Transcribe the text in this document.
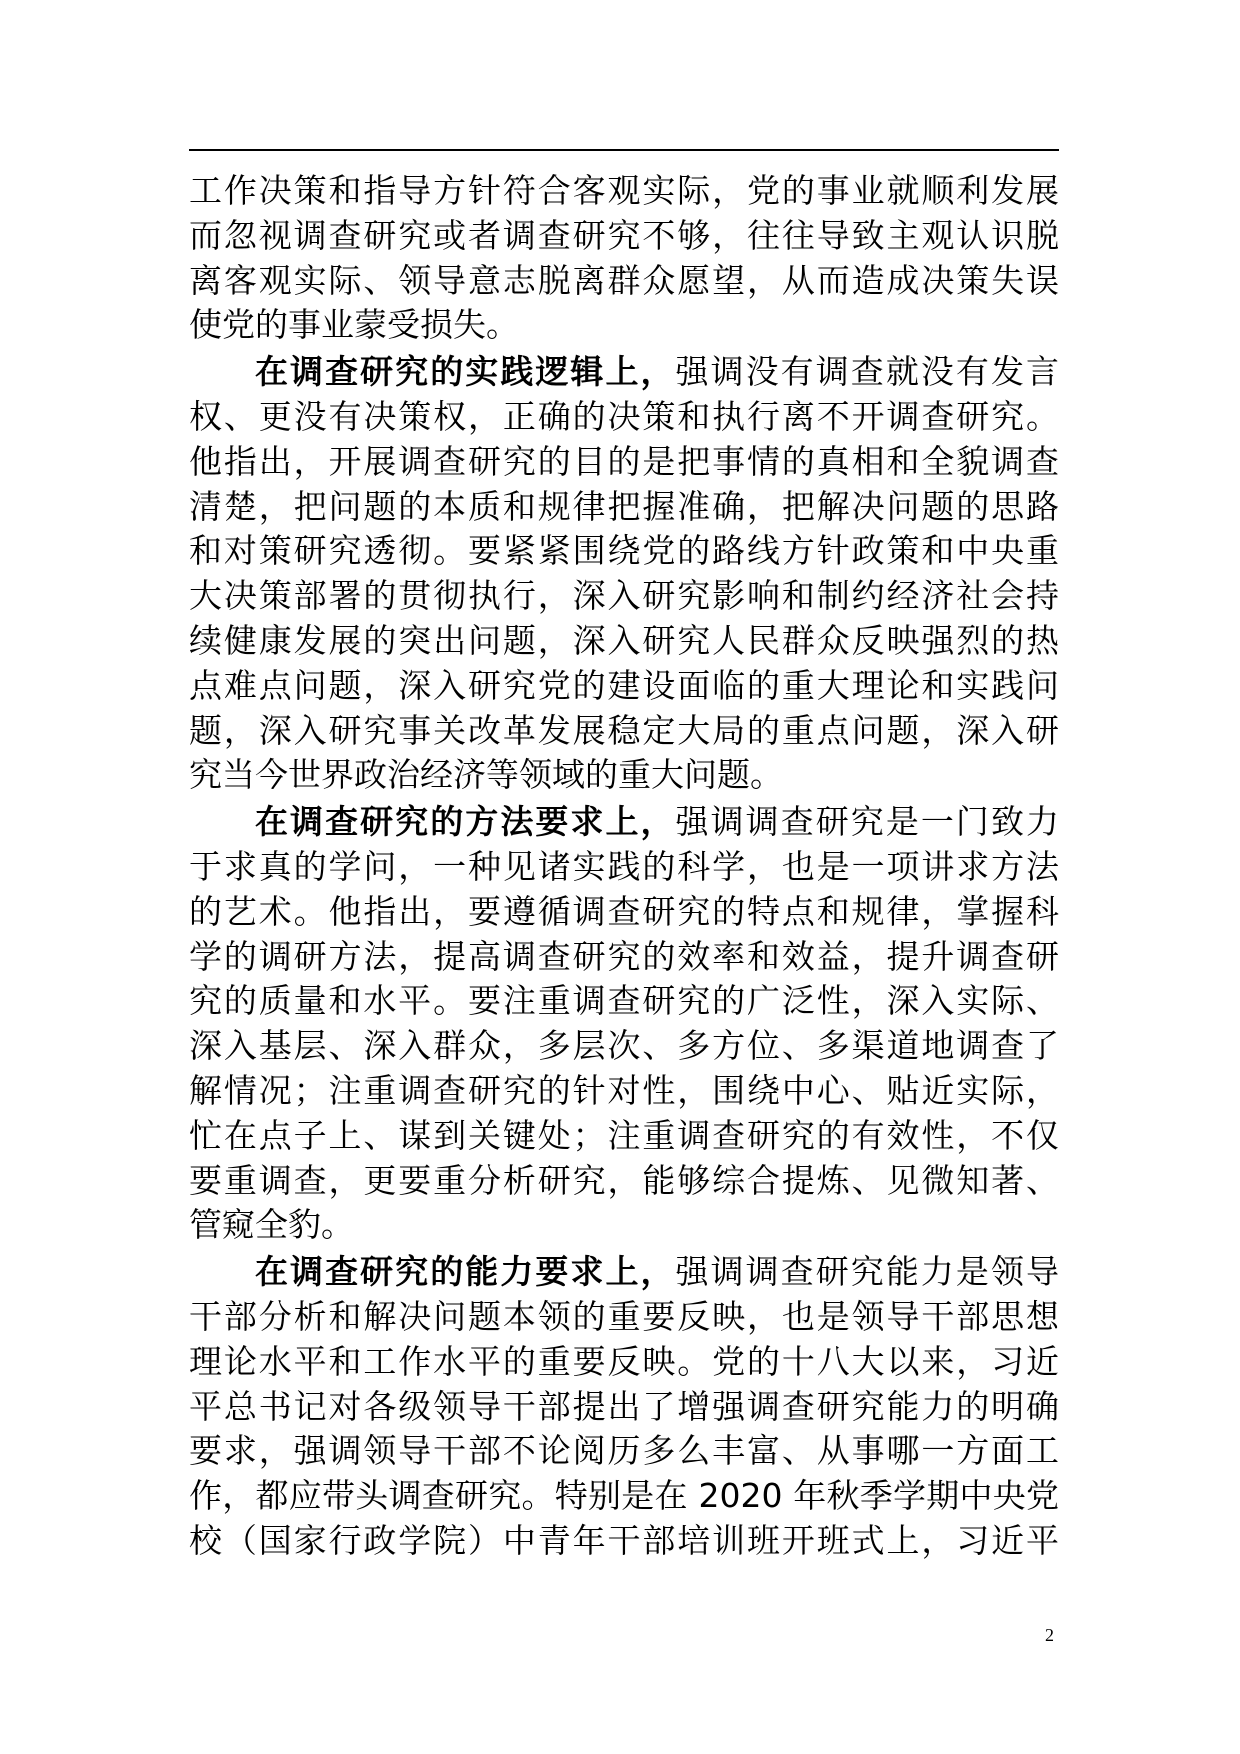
工作决策和指导方针符合客观实际，党的事业就顺利发展
而忽视调查研究或者调查研究不够，往往导致主观认识脱
离客观实际、领导意志脱离群众愿望，从而造成决策失误
使党的事业蒙受损失。
在调查研究的实践逻辑上，强调没有调查就没有发言
权、更没有决策权，正确的决策和执行离不开调查研究。
他指出，开展调查研究的目的是把事情的真相和全貌调查
清楚，把问题的本质和规律把握准确，把解决问题的思路
和对策研究透彻。要紧紧围绕党的路线方针政策和中央重
大决策部署的贯彻执行，深入研究影响和制约经济社会持
续健康发展的突出问题，深入研究人民群众反映强烈的热
点难点问题，深入研究党的建设面临的重大理论和实践问
题，深入研究事关改革发展稳定大局的重点问题，深入研
究当今世界政治经济等领域的重大问题。
在调查研究的方法要求上，强调调查研究是一门致力
于求真的学问，一种见诸实践的科学，也是一项讲求方法
的艺术。他指出，要遵循调查研究的特点和规律，掌握科
学的调研方法，提高调查研究的效率和效益，提升调查研
究的质量和水平。要注重调查研究的广泛性，深入实际、
深入基层、深入群众，多层次、多方位、多渠道地调查了
解情况；注重调查研究的针对性，围绕中心、贴近实际，
忙在点子上、谋到关键处；注重调查研究的有效性，不仅
要重调查，更要重分析研究，能够综合提炼、见微知著、
管窥全豹。
在调查研究的能力要求上，强调调查研究能力是领导
干部分析和解决问题本领的重要反映，也是领导干部思想
理论水平和工作水平的重要反映。党的十八大以来，习近
平总书记对各级领导干部提出了增强调查研究能力的明确
要求，强调领导干部不论阅历多么丰富、从事哪一方面工
作，都应带头调查研究。特别是在 2020 年秋季学期中央党
校（国家行政学院）中青年干部培训班开班式上，习近平
2
